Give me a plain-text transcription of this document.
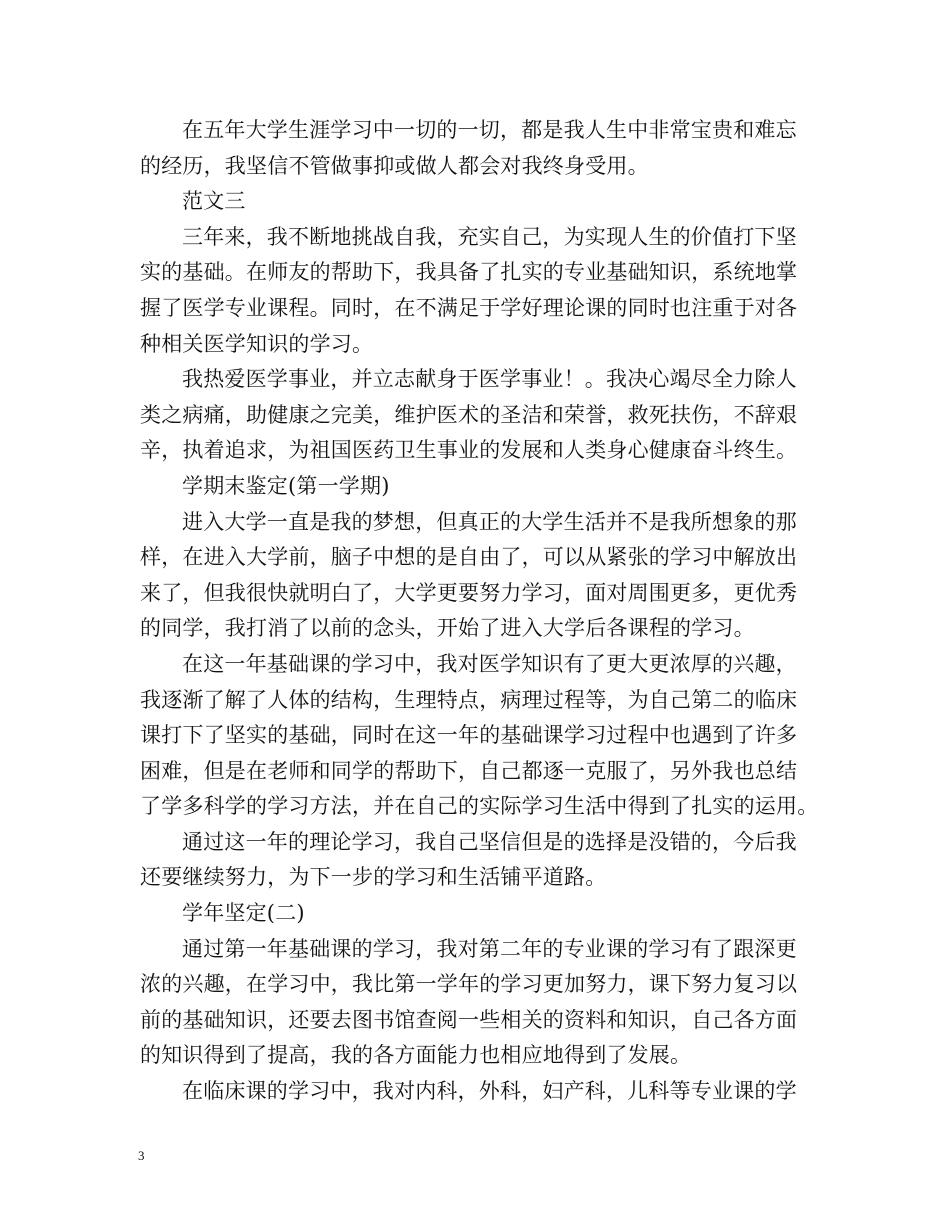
在五年大学生涯学习中一切的一切，都是我人生中非常宝贵和难忘
的经历，我坚信不管做事抑或做人都会对我终身受用。
范文三
三年来，我不断地挑战自我，充实自己，为实现人生的价值打下坚
实的基础。在师友的帮助下，我具备了扎实的专业基础知识，系统地掌
握了医学专业课程。同时，在不满足于学好理论课的同时也注重于对各
种相关医学知识的学习。
我热爱医学事业，并立志献身于医学事业！。我决心竭尽全力除人
类之病痛，助健康之完美，维护医术的圣洁和荣誉，救死扶伤，不辞艰
辛，执着追求，为祖国医药卫生事业的发展和人类身心健康奋斗终生。
学期末鉴定(第一学期)
进入大学一直是我的梦想，但真正的大学生活并不是我所想象的那
样，在进入大学前，脑子中想的是自由了，可以从紧张的学习中解放出
来了，但我很快就明白了，大学更要努力学习，面对周围更多，更优秀
的同学，我打消了以前的念头，开始了进入大学后各课程的学习。
在这一年基础课的学习中，我对医学知识有了更大更浓厚的兴趣，
我逐渐了解了人体的结构，生理特点，病理过程等，为自己第二的临床
课打下了坚实的基础，同时在这一年的基础课学习过程中也遇到了许多
困难，但是在老师和同学的帮助下，自己都逐一克服了，另外我也总结
了学多科学的学习方法，并在自己的实际学习生活中得到了扎实的运用。
通过这一年的理论学习，我自己坚信但是的选择是没错的，今后我
还要继续努力，为下一步的学习和生活铺平道路。
学年坚定(二)
通过第一年基础课的学习，我对第二年的专业课的学习有了跟深更
浓的兴趣，在学习中，我比第一学年的学习更加努力，课下努力复习以
前的基础知识，还要去图书馆查阅一些相关的资料和知识，自己各方面
的知识得到了提高，我的各方面能力也相应地得到了发展。
在临床课的学习中，我对内科，外科，妇产科，儿科等专业课的学
3
